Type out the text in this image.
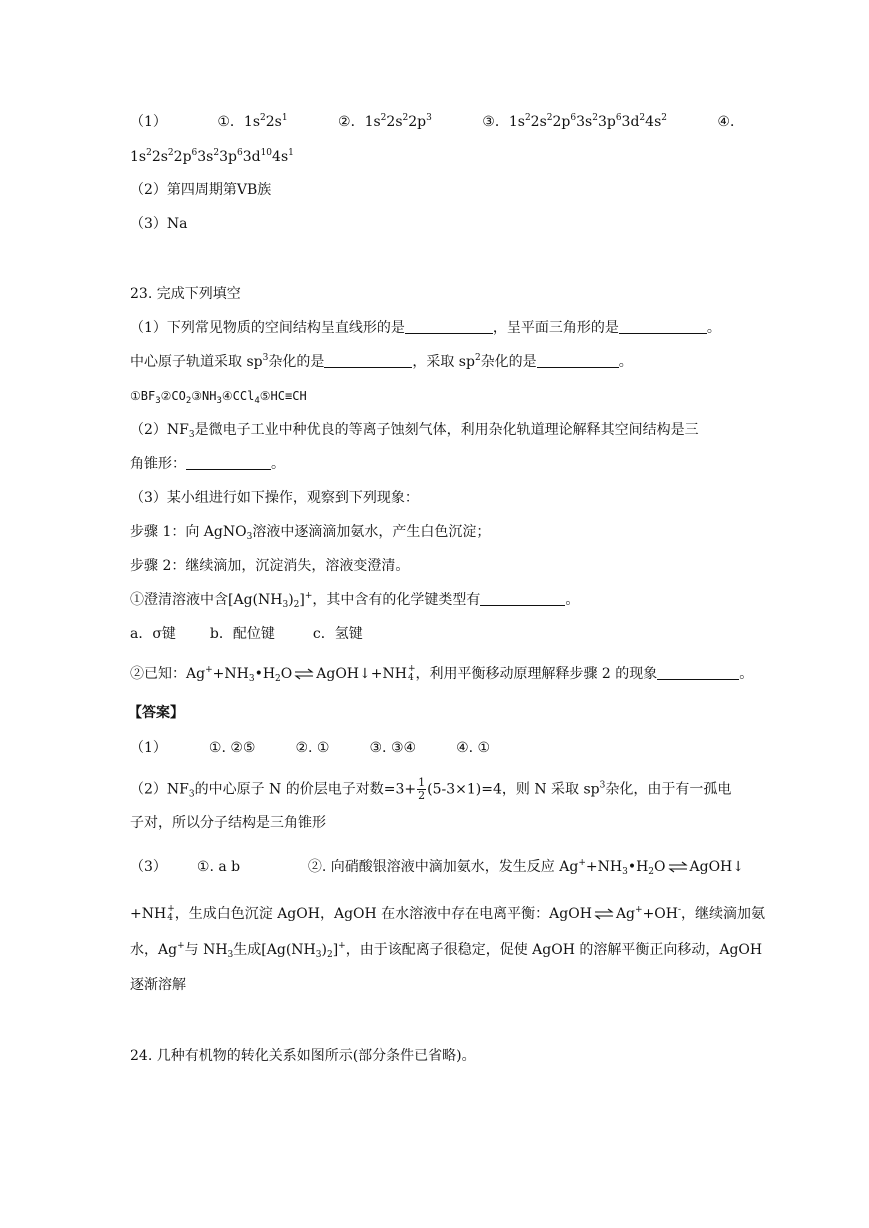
（1）	①．$1s^22s^1$	②．$1s^22s^22p^3$	③．$1s^22s^22p^63s^23p^63d^24s^2$	④．
$1s^22s^22p^63s^23p^63d^{10}4s^1$
（2）第四周期第ⅤB族
（3）Na
23. 完成下列填空
（1）下列常见物质的空间结构呈直线形的是	，呈平面三角形的是	。
中心原子轨道采取 $sp^3$杂化的是	，采取 $sp^2$杂化的是	。
$①BF_3②CO_2③NH_3④CCl_4⑤HC\equiv CH$
$(2)NF_3$是微电子工业中种优良的等离子蚀刻气体，利用杂化轨道理论解释其空间结构是三
角锥形：	。
（3）某小组进行如下操作，观察到下列现象：
步骤 1：向 AgNO$_3$溶液中逐滴滴加氨水，产生白色沉淀；
步骤 2：继续滴加，沉淀消失，溶液变澄清。
①澄清溶液中含$[Ag(NH_3)_2]^+$，其中含有的化学键类型有	。
a．σ键 b．配位键	c．氢键
②已知：$Ag^++NH_3•H_2O$ ⇌ AgOH↓+NH +
4 ，利用平衡移动原理解释步骤 2 的现象	。
【答案】
（1）	①. ②⑤	②. ①	③. ③④	④. ①
$(2)NF_3$的中心原子 N 的价层电子对数$=3+ \frac{1}{2} (5-3\times 1)=4$，则 N 采取 $sp^3$杂化，由于有一孤电
子对，所以分子结构是三角锥形
（3） ①. a b	②. 向硝酸银溶液中滴加氨水，发生反应 $Ag^++NH_3•H_2O$ ⇌ AgOH↓
+NH +
4 ，生成白色沉淀 AgOH，AgOH 在水溶液中存在电离平衡：AgOH ⇌ Ag++OH-，继续滴加氨
水，Ag+与 $NH_3$生成$[Ag(NH_3)_2]^+$，由于该配离子很稳定，促使 AgOH 的溶解平衡正向移动，AgOH
逐渐溶解
24. 几种有机物的转化关系如图所示(部分条件已省略)。
